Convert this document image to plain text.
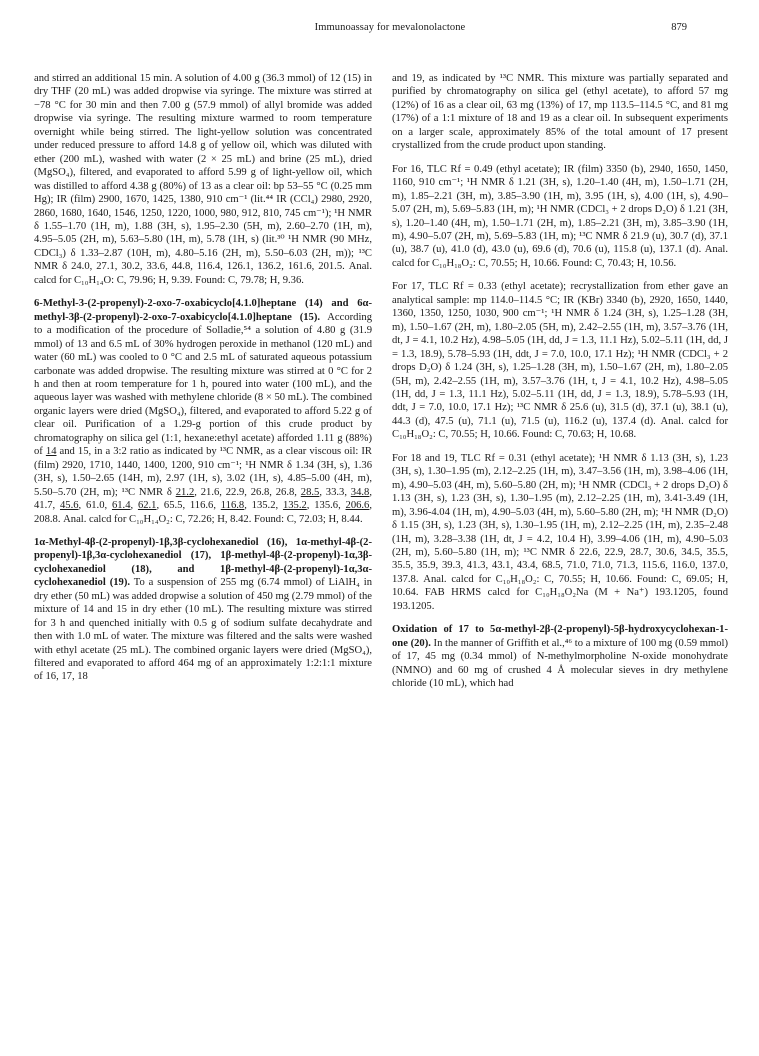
Immunoassay for mevalonolactone	879

and stirred an additional 15 min. A solution of 4.00 g (36.3 mmol) of 12 (15) in dry THF (20 mL) was added dropwise via syringe. The mixture was stirred at −78 °C for 30 min and then 7.00 g (57.9 mmol) of allyl bromide was added dropwise via syringe. The resulting mixture warmed to room temperature overnight while being stirred. The light-yellow solution was concentrated under reduced pressure to afford 14.8 g of yellow oil, which was diluted with ether (200 mL), washed with water (2 × 25 mL) and brine (25 mL), dried (MgSO₄), filtered, and evaporated to afford 5.99 g of light-yellow oil, which was distilled to afford 4.38 g (80%) of 13 as a clear oil: bp 53–55 °C (0.25 mm Hg); IR (film) 2900, 1670, 1425, 1380, 910 cm⁻¹ (lit.⁴⁴ IR (CCl₄) 2980, 2920, 2860, 1680, 1640, 1546, 1250, 1220, 1000, 980, 912, 810, 745 cm⁻¹); ¹H NMR δ 1.55–1.70 (1H, m), 1.88 (3H, s), 1.95–2.30 (5H, m), 2.60–2.70 (1H, m), 4.95–5.05 (2H, m), 5.63–5.80 (1H, m), 5.78 (1H, s) (lit.³⁰ ¹H NMR (90 MHz, CDCl₃) δ 1.33–2.87 (10H, m), 4.80–5.16 (2H, m), 5.50–6.03 (2H, m)); ¹³C NMR δ 24.0, 27.1, 30.2, 33.6, 44.8, 116.4, 126.1, 136.2, 161.6, 201.5. Anal. calcd for C₁₀H₁₄O: C, 79.96; H, 9.39. Found: C, 79.78; H, 9.36.

6-Methyl-3-(2-propenyl)-2-oxo-7-oxabicyclo[4.1.0]heptane (14) and 6α-methyl-3β-(2-propenyl)-2-oxo-7-oxabicyclo[4.1.0]heptane (15). According to a modification of the procedure of Solladie,⁵⁴ a solution of 4.80 g (31.9 mmol) of 13 and 6.5 mL of 30% hydrogen peroxide in methanol (120 mL) and water (60 mL) was cooled to 0 °C and 2.5 mL of saturated aqueous potassium carbonate was added dropwise. The resulting mixture was stirred at 0 °C for 2 h and then at room temperature for 1 h, poured into water (100 mL), and the aqueous layer was washed with methylene chloride (8 × 50 mL). The combined organic layers were dried (MgSO₄), filtered, and evaporated to afford 5.22 g of clear oil. Purification of a 1.29-g portion of this crude product by chromatography on silica gel (1:1, hexane:ethyl acetate) afforded 1.11 g (88%) of 14 and 15, in a 3:2 ratio as indicated by ¹³C NMR, as a clear viscous oil: IR (film) 2920, 1710, 1440, 1400, 1200, 910 cm⁻¹; ¹H NMR δ 1.34 (3H, s), 1.36 (3H, s), 1.50–2.65 (14H, m), 2.97 (1H, s), 3.02 (1H, s), 4.85–5.00 (4H, m), 5.50–5.70 (2H, m); ¹³C NMR δ 21.2, 21.6, 22.9, 26.8, 26.8, 28.5, 33.3, 34.8, 41.7, 45.6, 61.0, 61.4, 62.1, 65.5, 116.6, 116.8, 135.2, 135.2, 135.6, 206.6, 208.8. Anal. calcd for C₁₀H₁₄O₂: C, 72.26; H, 8.42. Found: C, 72.03; H, 8.44.

1α-Methyl-4β-(2-propenyl)-1β,3β-cyclohexanediol (16), 1α-methyl-4β-(2-propenyl)-1β,3α-cyclohexanediol (17), 1β-methyl-4β-(2-propenyl)-1α,3β-cyclohexanediol (18), and 1β-methyl-4β-(2-propenyl)-1α,3α-cyclohexanediol (19). To a suspension of 255 mg (6.74 mmol) of LiAlH₄ in dry ether (50 mL) was added dropwise a solution of 450 mg (2.79 mmol) of the mixture of 14 and 15 in dry ether (10 mL). The resulting mixture was stirred for 3 h and quenched initially with 0.5 g of sodium sulfate decahydrate and then with 1.0 mL of water. The mixture was filtered and the salts were washed with ethyl acetate (25 mL). The combined organic layers were dried (MgSO₄), filtered and evaporated to afford 464 mg of an approximately 1:2:1:1 mixture of 16, 17, 18

and 19, as indicated by ¹³C NMR. This mixture was partially separated and purified by chromatography on silica gel (ethyl acetate), to afford 57 mg (12%) of 16 as a clear oil, 63 mg (13%) of 17, mp 113.5–114.5 °C, and 81 mg (17%) of a 1:1 mixture of 18 and 19 as a clear oil. In subsequent experiments on a larger scale, approximately 85% of the total amount of 17 present crystallized from the crude product upon standing.

For 16, TLC Rf = 0.49 (ethyl acetate); IR (film) 3350 (b), 2940, 1650, 1450, 1160, 910 cm⁻¹; ¹H NMR δ 1.21 (3H, s), 1.20–1.40 (4H, m), 1.50–1.71 (2H, m), 1.85–2.21 (3H, m), 3.85–3.90 (1H, m), 3.95 (1H, s), 4.00 (1H, s), 4.90–5.07 (2H, m), 5.69–5.83 (1H, m); ¹H NMR (CDCl₃ + 2 drops D₂O) δ 1.21 (3H, s), 1.20–1.40 (4H, m), 1.50–1.71 (2H, m), 1.85–2.21 (3H, m), 3.85–3.90 (1H, m), 4.90–5.07 (2H, m), 5.69–5.83 (1H, m); ¹³C NMR δ 21.9 (u), 30.7 (d), 37.1 (u), 38.7 (u), 41.0 (d), 43.0 (u), 69.6 (d), 70.6 (u), 115.8 (u), 137.1 (d). Anal. calcd for C₁₀H₁₈O₂: C, 70.55; H, 10.66. Found: C, 70.43; H, 10.56.

For 17, TLC Rf = 0.33 (ethyl acetate); recrystallization from ether gave an analytical sample: mp 114.0–114.5 °C; IR (KBr) 3340 (b), 2920, 1650, 1440, 1360, 1350, 1250, 1030, 900 cm⁻¹; ¹H NMR δ 1.24 (3H, s), 1.25–1.28 (3H, m), 1.50–1.67 (2H, m), 1.80–2.05 (5H, m), 2.42–2.55 (1H, m), 3.57–3.76 (1H, dt, J = 4.1, 10.2 Hz), 4.98–5.05 (1H, dd, J = 1.3, 11.1 Hz), 5.02–5.11 (1H, dd, J = 1.3, 18.9), 5.78–5.93 (1H, ddt, J = 7.0, 10.0, 17.1 Hz); ¹H NMR (CDCl₃ + 2 drops D₂O) δ 1.24 (3H, s), 1.25–1.28 (3H, m), 1.50–1.67 (2H, m), 1.80–2.05 (5H, m), 2.42–2.55 (1H, m), 3.57–3.76 (1H, t, J = 4.1, 10.2 Hz), 4.98–5.05 (1H, dd, J = 1.3, 11.1 Hz), 5.02–5.11 (1H, dd, J = 1.3, 18.9), 5.78–5.93 (1H, ddt, J = 7.0, 10.0, 17.1 Hz); ¹³C NMR δ 25.6 (u), 31.5 (d), 37.1 (u), 38.1 (u), 44.3 (d), 47.5 (u), 71.1 (u), 71.5 (u), 116.2 (u), 137.4 (d). Anal. calcd for C₁₀H₁₈O₂: C, 70.55; H, 10.66. Found: C, 70.63; H, 10.68.

For 18 and 19, TLC Rf = 0.31 (ethyl acetate); ¹H NMR δ 1.13 (3H, s), 1.23 (3H, s), 1.30–1.95 (m), 2.12–2.25 (1H, m), 3.47–3.56 (1H, m), 3.98–4.06 (1H, m), 4.90–5.03 (4H, m), 5.60–5.80 (2H, m); ¹H NMR (CDCl₃ + 2 drops D₂O) δ 1.13 (3H, s), 1.23 (3H, s), 1.30–1.95 (m), 2.12–2.25 (1H, m), 3.41-3.49 (1H, m), 3.96-4.04 (1H, m), 4.90–5.03 (4H, m), 5.60–5.80 (2H, m); ¹H NMR (D₂O) δ 1.15 (3H, s), 1.23 (3H, s), 1.30–1.95 (1H, m), 2.12–2.25 (1H, m), 2.35–2.48 (1H, m), 3.28–3.38 (1H, dt, J = 4.2, 10.4 H), 3.99–4.06 (1H, m), 4.90–5.03 (2H, m), 5.60–5.80 (1H, m); ¹³C NMR δ 22.6, 22.9, 28.7, 30.6, 34.5, 35.5, 35.5, 35.9, 39.3, 41.3, 43.1, 43.4, 68.5, 71.0, 71.0, 71.3, 115.6, 116.0, 137.0, 137.8. Anal. calcd for C₁₀H₁₈O₂: C, 70.55; H, 10.66. Found: C, 69.05; H, 10.64. FAB HRMS calcd for C₁₀H₁₈O₂Na (M + Na⁺) 193.1205, found 193.1205.

Oxidation of 17 to 5α-methyl-2β-(2-propenyl)-5β-hydroxycyclohexan-1-one (20). In the manner of Griffith et al.,⁴⁶ to a mixture of 100 mg (0.59 mmol) of 17, 45 mg (0.34 mmol) of N-methylmorpholine N-oxide monohydrate (NMNO) and 60 mg of crushed 4 Å molecular sieves in dry methylene chloride (10 mL), which had
